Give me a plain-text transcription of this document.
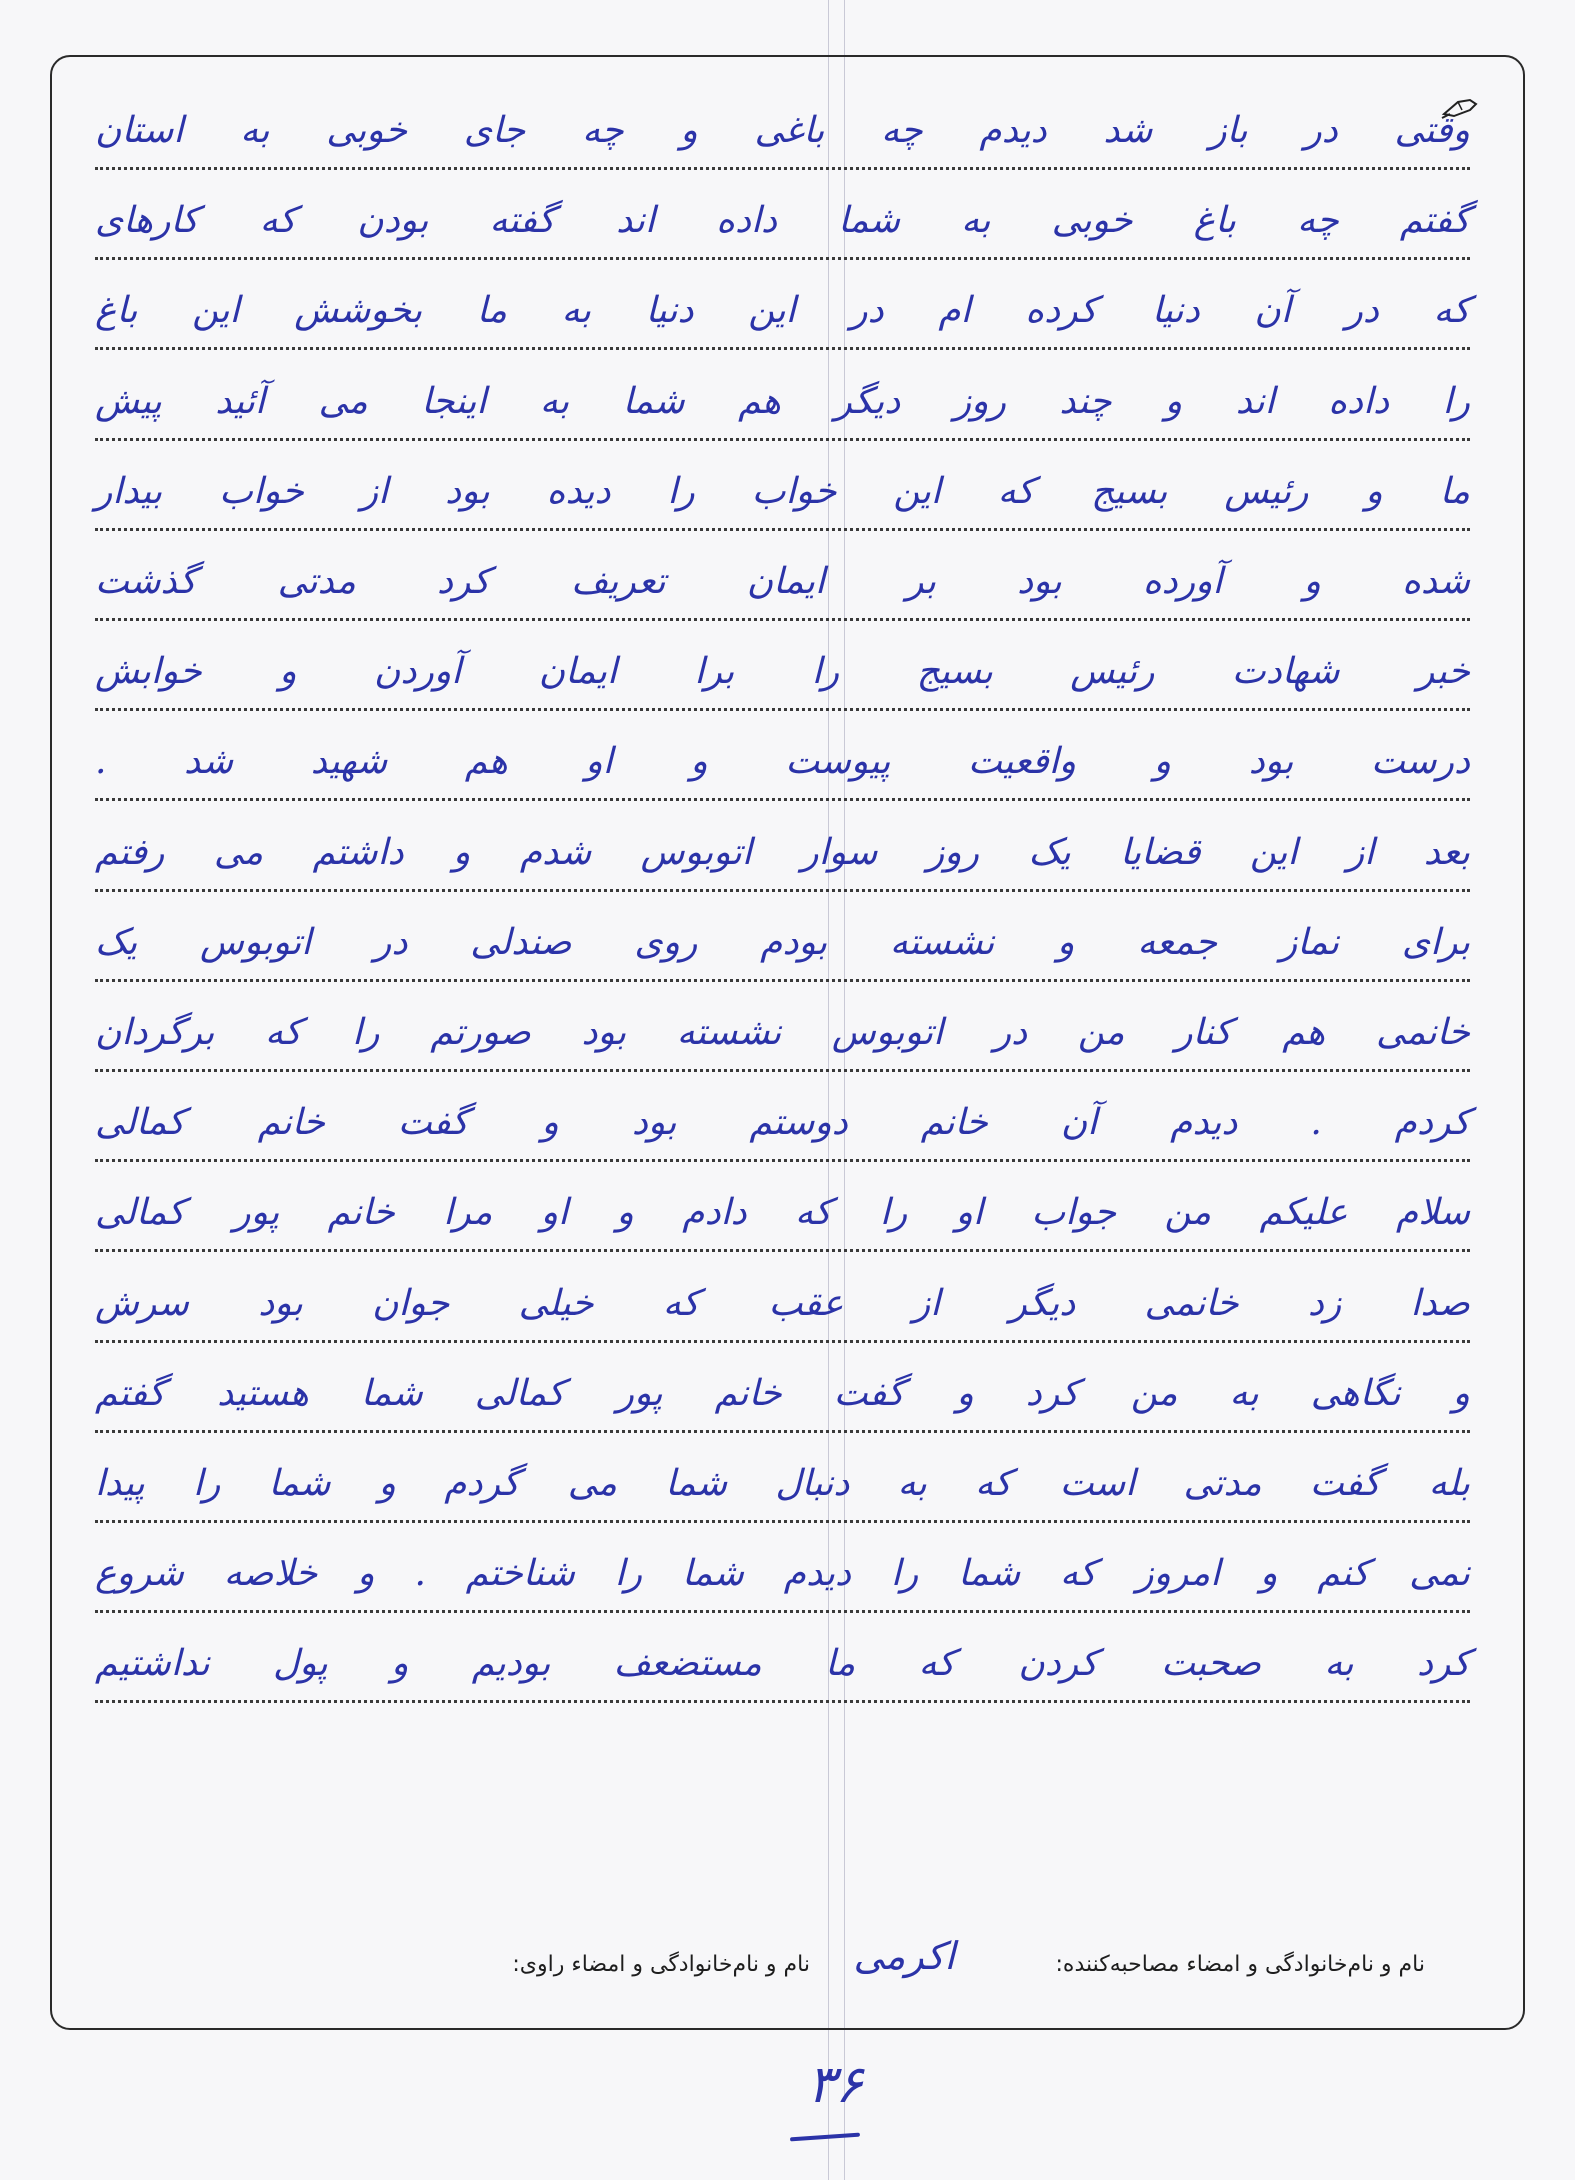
وقتی در باز شد دیدم چه باغی و چه جای خوبی به استان
گفتم چه باغ خوبی به شما داده اند گفته بودن که کارهای
که در آن دنیا کرده ام در این دنیا به ما بخوشش این باغ
را داده اند و چند روز دیگر هم شما به اینجا می آئید پیش
ما و رئیس بسیج که این خواب را دیده بود از خواب بیدار
شده و آورده بود بر ایمان تعریف کرد مدتی گذشت
خبر شهادت رئیس بسیج را برا ایمان آوردن و خوابش
درست بود و واقعیت پیوست و او هم شهید شد .
بعد از این قضایا یک روز سوار اتوبوس شدم و داشتم می رفتم
برای نماز جمعه و نشسته بودم روی صندلی در اتوبوس یک
خانمی هم کنار من در اتوبوس نشسته بود صورتم را که برگردان
کردم . دیدم آن خانم دوستم بود و گفت خانم کمالی
سلام علیکم من جواب او را که دادم و او مرا خانم پور کمالی
صدا زد خانمی دیگر از عقب که خیلی جوان بود سرش
و نگاهی به من کرد و گفت خانم پور کمالی شما هستید گفتم
بله گفت مدتی است که به دنبال شما می گردم و شما را پیدا
نمی کنم و امروز که شما را دیدم شما را شناختم . و خلاصه شروع
کرد به صحبت کردن که ما مستضعف بودیم و پول نداشتیم
نام و نام‌خانوادگی و امضاء مصاحبه‌کننده:
اکرمی
نام و نام‌خانوادگی و امضاء راوی:
۳۶
